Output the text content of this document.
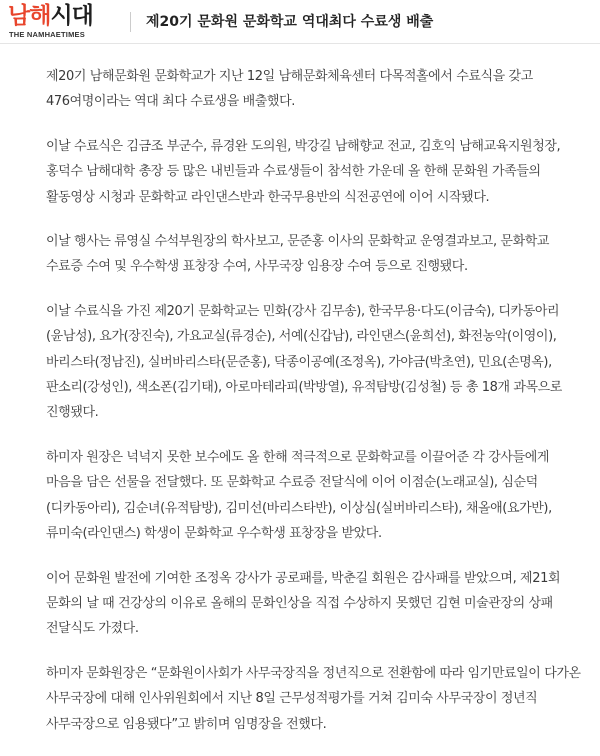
남해시대
THE NAMHAETIMES
제20기 문화원 문화학교 역대최다 수료생 배출

제20기 남해문화원 문화학교가 지난 12일 남해문화체육센터 다목적홀에서 수료식을 갖고 476여명이라는 역대 최다 수료생을 배출했다.

이날 수료식은 김금조 부군수, 류경완 도의원, 박강길 남해향교 전교, 김호익 남해교육지원청장, 홍덕수 남해대학 총장 등 많은 내빈들과 수료생들이 참석한 가운데 올 한해 문화원 가족들의 활동영상 시청과 문화학교 라인댄스반과 한국무용반의 식전공연에 이어 시작됐다.

이날 행사는 류영실 수석부원장의 학사보고, 문준홍 이사의 문화학교 운영결과보고, 문화학교 수료증 수여 및 우수학생 표창장 수여, 사무국장 임용장 수여 등으로 진행됐다.

이날 수료식을 가진 제20기 문화학교는 민화(강사 김무송), 한국무용·다도(이금숙), 디카동아리(윤남성), 요가(장진숙), 가요교실(류경순), 서예(신갑남), 라인댄스(윤희선), 화전농악(이영이), 바리스타(정남진), 실버바리스타(문준홍), 닥종이공예(조정옥), 가야금(박초연), 민요(손명옥), 판소리(강성인), 색소폰(김기태), 아로마테라피(박방열), 유적탐방(김성철) 등 총 18개 과목으로 진행됐다.

하미자 원장은 넉넉지 못한 보수에도 올 한해 적극적으로 문화학교를 이끌어준 각 강사들에게 마음을 담은 선물을 전달했다. 또 문화학교 수료증 전달식에 이어 이점순(노래교실), 심순덕(디카동아리), 김순녀(유적탐방), 김미선(바리스타반), 이상심(실버바리스타), 채올애(요가반), 류미숙(라인댄스) 학생이 문화학교 우수학생 표창장을 받았다.

이어 문화원 발전에 기여한 조정옥 강사가 공로패를, 박춘길 회원은 감사패를 받았으며, 제21회 문화의 날 때 건강상의 이유로 올해의 문화인상을 직접 수상하지 못했던 김현 미술관장의 상패 전달식도 가졌다.

하미자 문화원장은 “문화원이사회가 사무국장직을 정년직으로 전환함에 따라 임기만료일이 다가온 사무국장에 대해 인사위원회에서 지난 8일 근무성적평가를 거쳐 김미숙 사무국장이 정년직 사무국장으로 임용됐다”고 밝히며 임명장을 전했다.
